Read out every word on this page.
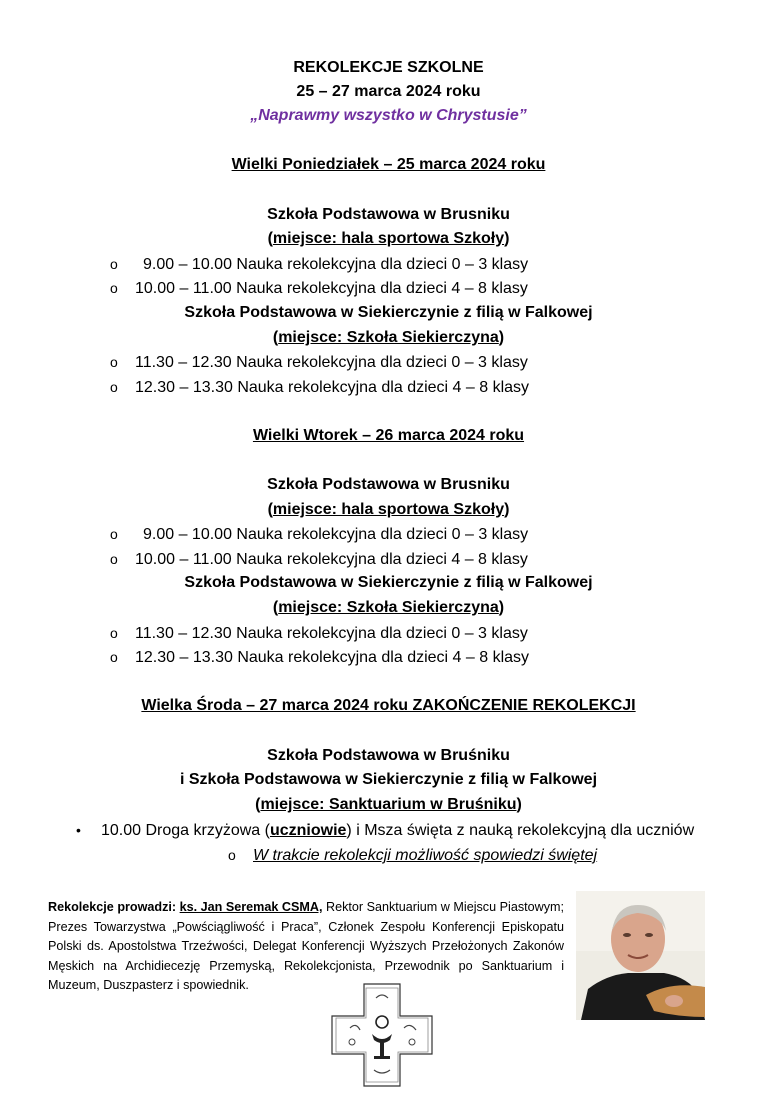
REKOLEKCJE SZKOLNE
25 – 27 marca 2024 roku
„Naprawmy wszystko w Chrystusie”
Wielki Poniedziałek – 25 marca 2024 roku
Szkoła Podstawowa w Brusniku
(miejsce: hala sportowa Szkoły)
o 9.00 – 10.00 Nauka rekolekcyjna dla dzieci 0 – 3 klasy
o 10.00 – 11.00 Nauka rekolekcyjna dla dzieci 4 – 8 klasy
Szkoła Podstawowa w Siekierczynie z filią w Falkowej
(miejsce: Szkoła Siekierczyna)
o 11.30 – 12.30 Nauka rekolekcyjna dla dzieci 0 – 3 klasy
o 12.30 – 13.30 Nauka rekolekcyjna dla dzieci 4 – 8 klasy
Wielki Wtorek – 26 marca 2024 roku
Szkoła Podstawowa w Brusniku
(miejsce: hala sportowa Szkoły)
o 9.00 – 10.00 Nauka rekolekcyjna dla dzieci 0 – 3 klasy
o 10.00 – 11.00 Nauka rekolekcyjna dla dzieci 4 – 8 klasy
Szkoła Podstawowa w Siekierczynie z filią w Falkowej
(miejsce: Szkoła Siekierczyna)
o 11.30 – 12.30 Nauka rekolekcyjna dla dzieci 0 – 3 klasy
o 12.30 – 13.30 Nauka rekolekcyjna dla dzieci 4 – 8 klasy
Wielka Środa – 27 marca 2024 roku ZAKOŃCZENIE REKOLEKCJI
Szkoła Podstawowa w Bruśniku
i Szkoła Podstawowa w Siekierczynie z filią w Falkowej
(miejsce: Sanktuarium w Bruśniku)
• 10.00 Droga krzyżowa (uczniowie) i Msza święta z nauką rekolekcyjną dla uczniów
o W trakcie rekolekcji możliwość spowiedzi świętej
Rekolekcje prowadzi: ks. Jan Seremak CSMA, Rektor Sanktuarium w Miejscu Piastowym; Prezes Towarzystwa „Powściągliwość i Praca”, Członek Zespołu Konferencji Episkopatu Polski ds. Apostolstwa Trzeźwości, Delegat Konferencji Wyższych Przełożonych Zakonów Męskich na Archidiecezję Przemyską, Rekolekcjonista, Przewodnik po Sanktuarium i Muzeum, Duszpasterz i spowiednik.
